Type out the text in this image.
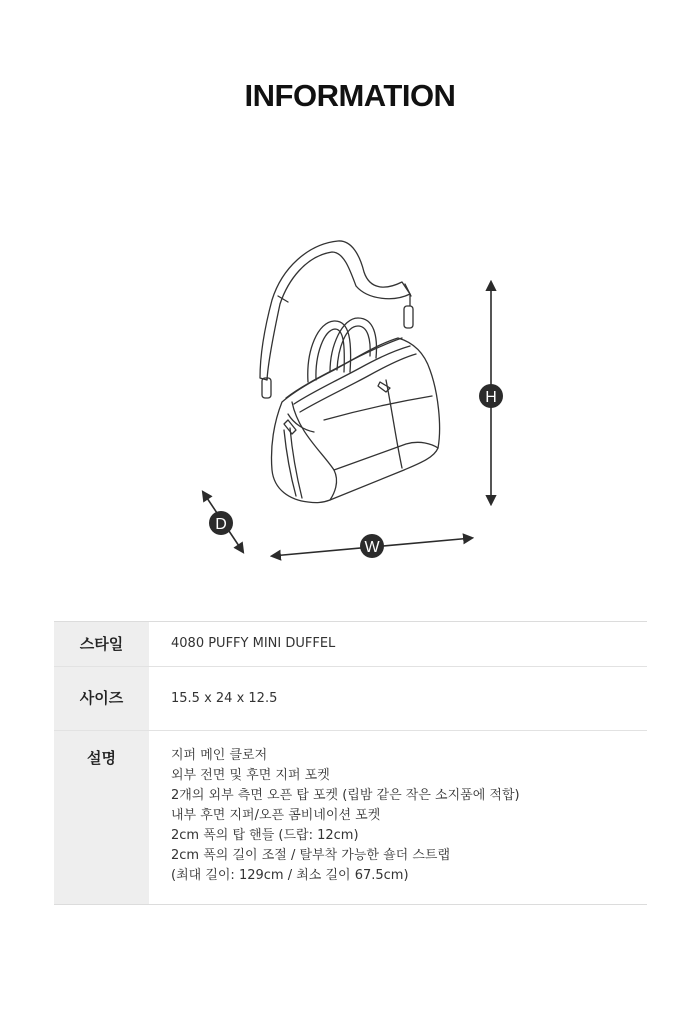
INFORMATION
H
W
D
스타일	4080 PUFFY MINI DUFFEL
사이즈	15.5 x 24 x 12.5
설명	지퍼 메인 클로저
외부 전면 및 후면 지퍼 포켓
2개의 외부 측면 오픈 탑 포켓 (립밤 같은 작은 소지품에 적합)
내부 후면 지퍼/오픈 콤비네이션 포켓
2cm 폭의 탑 핸들 (드랍: 12cm)
2cm 폭의 길이 조절 / 탈부착 가능한 숄더 스트랩
(최대 길이: 129cm / 최소 길이 67.5cm)
